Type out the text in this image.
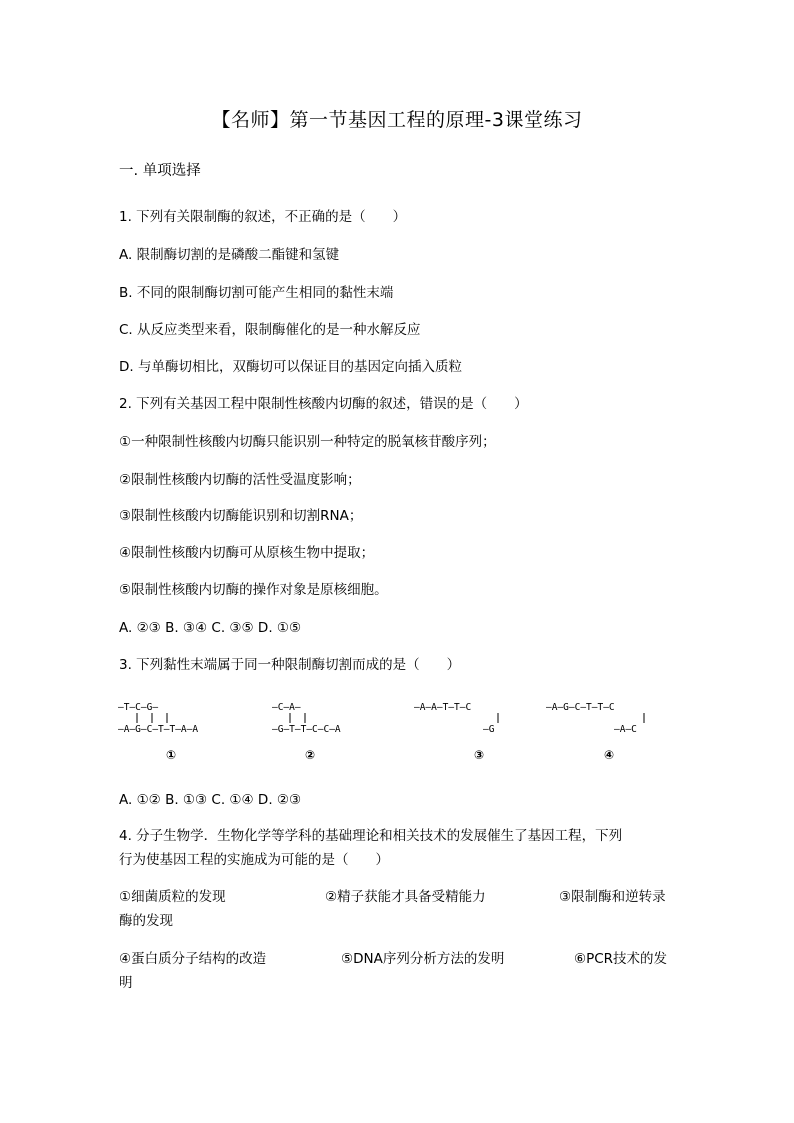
【名师】第一节基因工程的原理-3课堂练习
一. 单项选择
1. 下列有关限制酶的叙述，不正确的是（　　）
A. 限制酶切割的是磷酸二酯键和氢键
B. 不同的限制酶切割可能产生相同的黏性末端
C. 从反应类型来看，限制酶催化的是一种水解反应
D. 与单酶切相比，双酶切可以保证目的基因定向插入质粒
2. 下列有关基因工程中限制性核酸内切酶的叙述，错误的是（　　）
①一种限制性核酸内切酶只能识别一种特定的脱氧核苷酸序列；
②限制性核酸内切酶的活性受温度影响；
③限制性核酸内切酶能识别和切割RNA；
④限制性核酸内切酶可从原核生物中提取；
⑤限制性核酸内切酶的操作对象是原核细胞。
A. ②③ B. ③④ C. ③⑤ D. ①⑤
3. 下列黏性末端属于同一种限制酶切割而成的是（　　）
—T—C—G—
—A—G—C—T—T—A—A
①
—C—A—
—G—T—T—C—C—A
②
—A—A—T—T—C
—G
③
—A—G—C—T—T—C
—A—C
④
A. ①② B. ①③ C. ①④ D. ②③
4. 分子生物学．生物化学等学科的基础理论和相关技术的发展催生了基因工程，下列
行为使基因工程的实施成为可能的是（　　）
①细菌质粒的发现	②精子获能才具备受精能力	③限制酶和逆转录
酶的发现
④蛋白质分子结构的改造	⑤DNA序列分析方法的发明	⑥PCR技术的发
明
